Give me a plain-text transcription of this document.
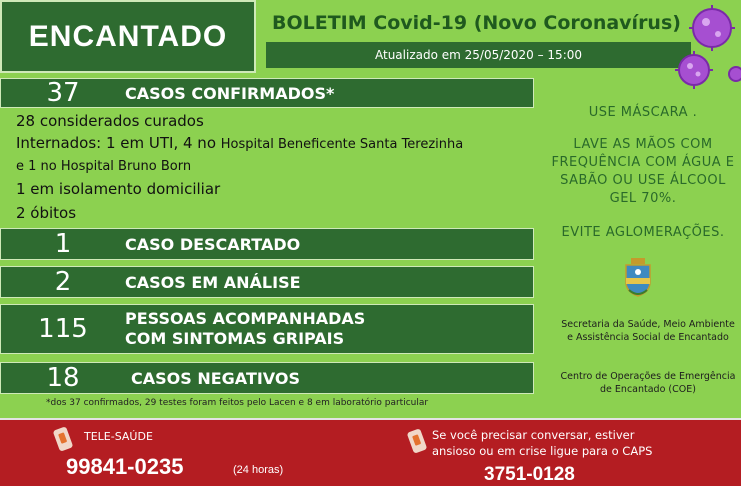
ENCANTADO BOLETIM Covid-19 (Novo Coronavírus)
Atualizado em 25/05/2020 – 15:00
37	CASOS CONFIRMADOS*
28 considerados curados
Internados: 1 em UTI, 4 no Hospital Beneficente Santa Terezinha
e 1 no Hospital Bruno Born
1 em isolamento domiciliar
2 óbitos
1	CASO DESCARTADO
2	CASOS EM ANÁLISE
115	PESSOAS ACOMPANHADAS
COM SINTOMAS GRIPAIS
18	CASOS NEGATIVOS
*dos 37 confirmados, 29 testes foram feitos pelo Lacen e 8 em laboratório particular
USE MÁSCARA .
LAVE AS MÃOS COM FREQUÊNCIA COM ÁGUA E SABÃO OU USE ÁLCOOL GEL 70%.
EVITE AGLOMERAÇÕES.
Secretaria da Saúde, Meio Ambiente e Assistência Social de Encantado
Centro de Operações de Emergência de Encantado (COE)
TELE-SAÚDE
99841-0235	(24 horas)
Se você precisar conversar, estiver ansioso ou em crise ligue para o CAPS
3751-0128
